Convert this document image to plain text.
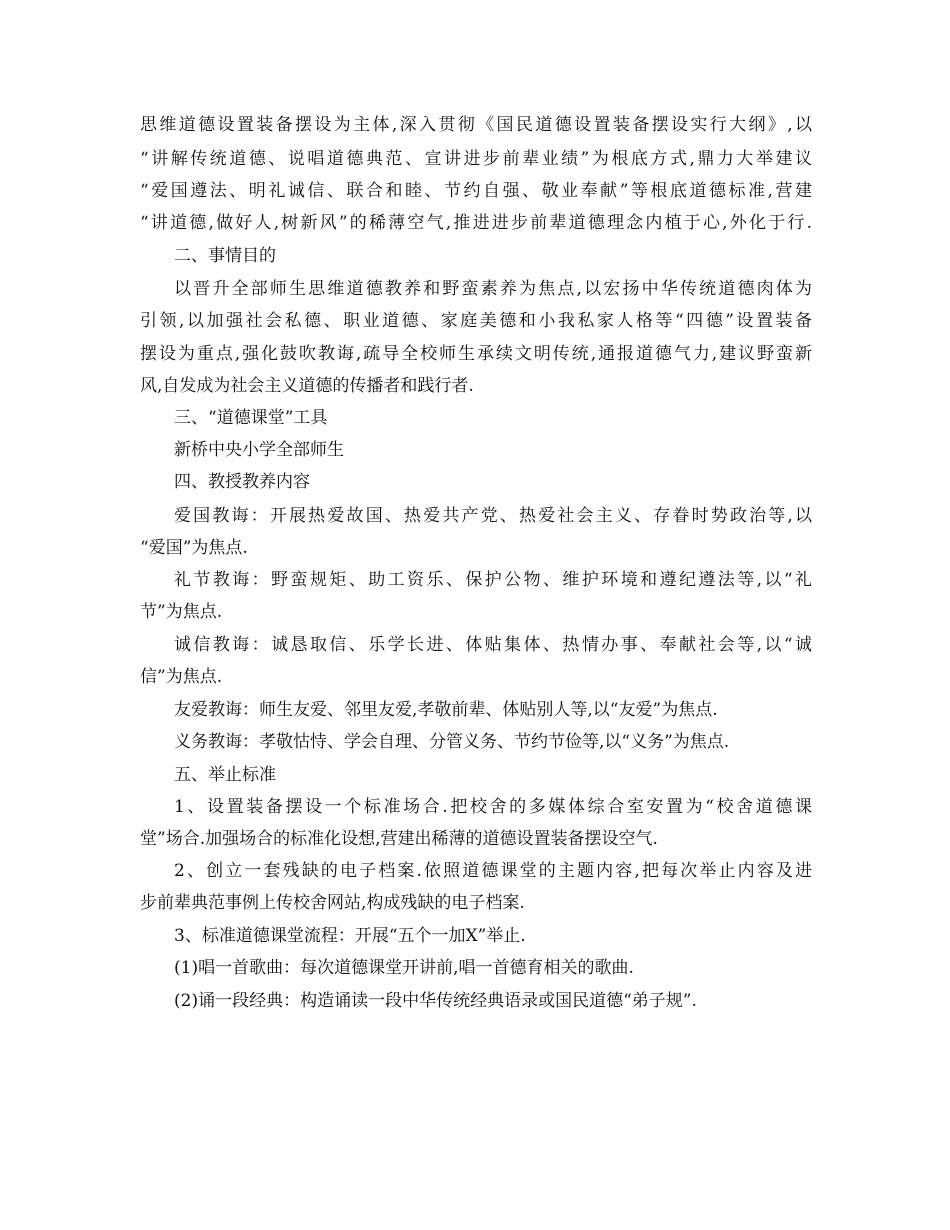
思维道德设置装备摆设为主体,深入贯彻《国民道德设置装备摆设实行大纲》,以
“讲解传统道德、说唱道德典范、宣讲进步前辈业绩”为根底方式,鼎力大举建议
“爱国遵法、明礼诚信、联合和睦、节约自强、敬业奉献”等根底道德标准,营建
“讲道德,做好人,树新风”的稀薄空气,推进进步前辈道德理念内植于心,外化于行.
二、事情目的
以晋升全部师生思维道德教养和野蛮素养为焦点,以宏扬中华传统道德肉体为
引领,以加强社会私德、职业道德、家庭美德和小我私家人格等“四德”设置装备
摆设为重点,强化鼓吹教诲,疏导全校师生承续文明传统,通报道德气力,建议野蛮新
风,自发成为社会主义道德的传播者和践行者.
三、“道德课堂”工具
新桥中央小学全部师生
四、教授教养内容
爱国教诲：开展热爱故国、热爱共产党、热爱社会主义、存眷时势政治等,以
“爱国”为焦点.
礼节教诲：野蛮规矩、助工资乐、保护公物、维护环境和遵纪遵法等,以“礼
节”为焦点.
诚信教诲：诚恳取信、乐学长进、体贴集体、热情办事、奉献社会等,以“诚
信”为焦点.
友爱教诲：师生友爱、邻里友爱,孝敬前辈、体贴别人等,以“友爱”为焦点.
义务教诲：孝敬怙恃、学会自理、分管义务、节约节俭等,以“义务”为焦点.
五、举止标准
1、设置装备摆设一个标准场合.把校舍的多媒体综合室安置为“校舍道德课
堂”场合.加强场合的标准化设想,营建出稀薄的道德设置装备摆设空气.
2、创立一套残缺的电子档案.依照道德课堂的主题内容,把每次举止内容及进
步前辈典范事例上传校舍网站,构成残缺的电子档案.
3、标准道德课堂流程：开展“五个一加X”举止.
(1)唱一首歌曲：每次道德课堂开讲前,唱一首德育相关的歌曲.
(2)诵一段经典：构造诵读一段中华传统经典语录或国民道德“弟子规”.
